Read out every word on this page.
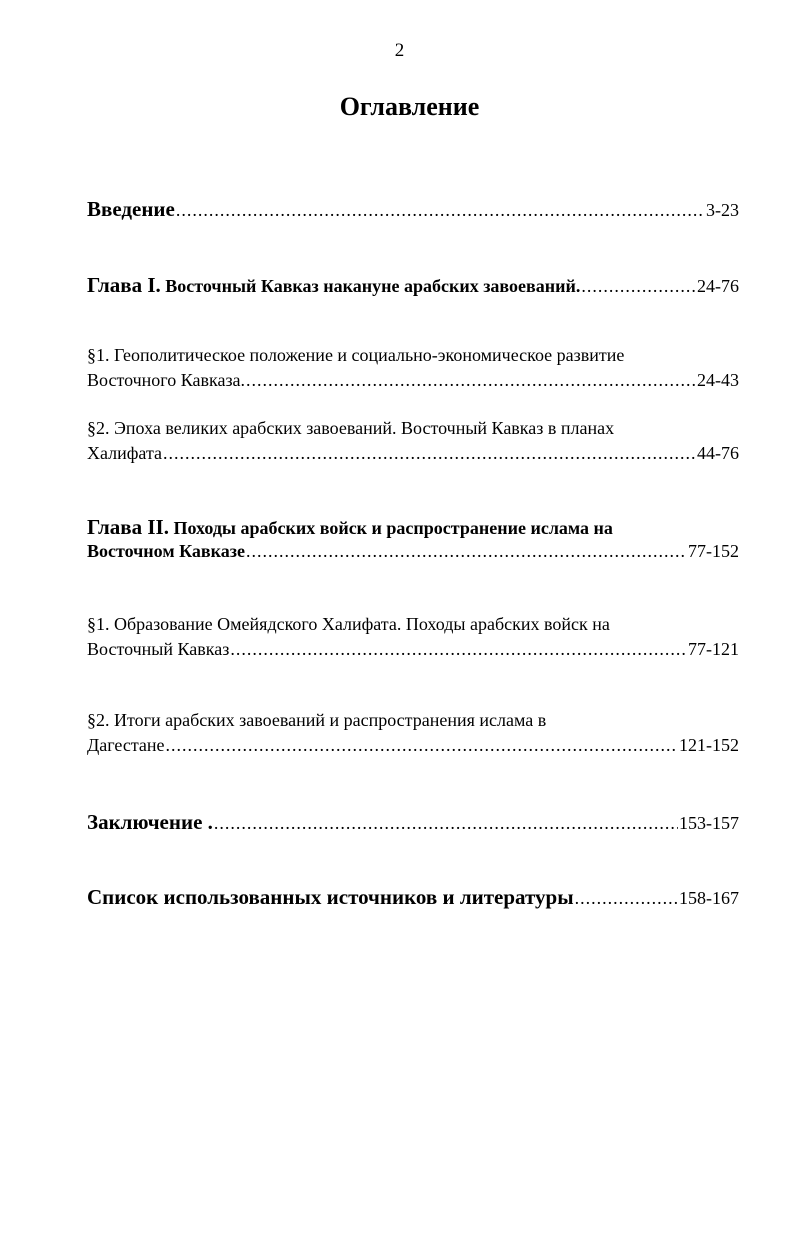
2
Оглавление
Введение .....	3-23
Глава I. Восточный Кавказ накануне арабских завоеваний. .....	24-76
§1. Геополитическое положение и социально-экономическое развитие
Восточного Кавказа. .....	24-43
§2. Эпоха великих арабских завоеваний. Восточный Кавказ в планах
Халифата .....	44-76
Глава II. Походы арабских войск и распространение ислама на
Восточном Кавказе .....	77-152
§1. Образование Омейядского Халифата. Походы арабских войск на
Восточный Кавказ .....	77-121
§2. Итоги арабских завоеваний и распространения ислама в
Дагестане .....	121-152
Заключение . .....	153-157
Список использованных источников и литературы .....	158-167
